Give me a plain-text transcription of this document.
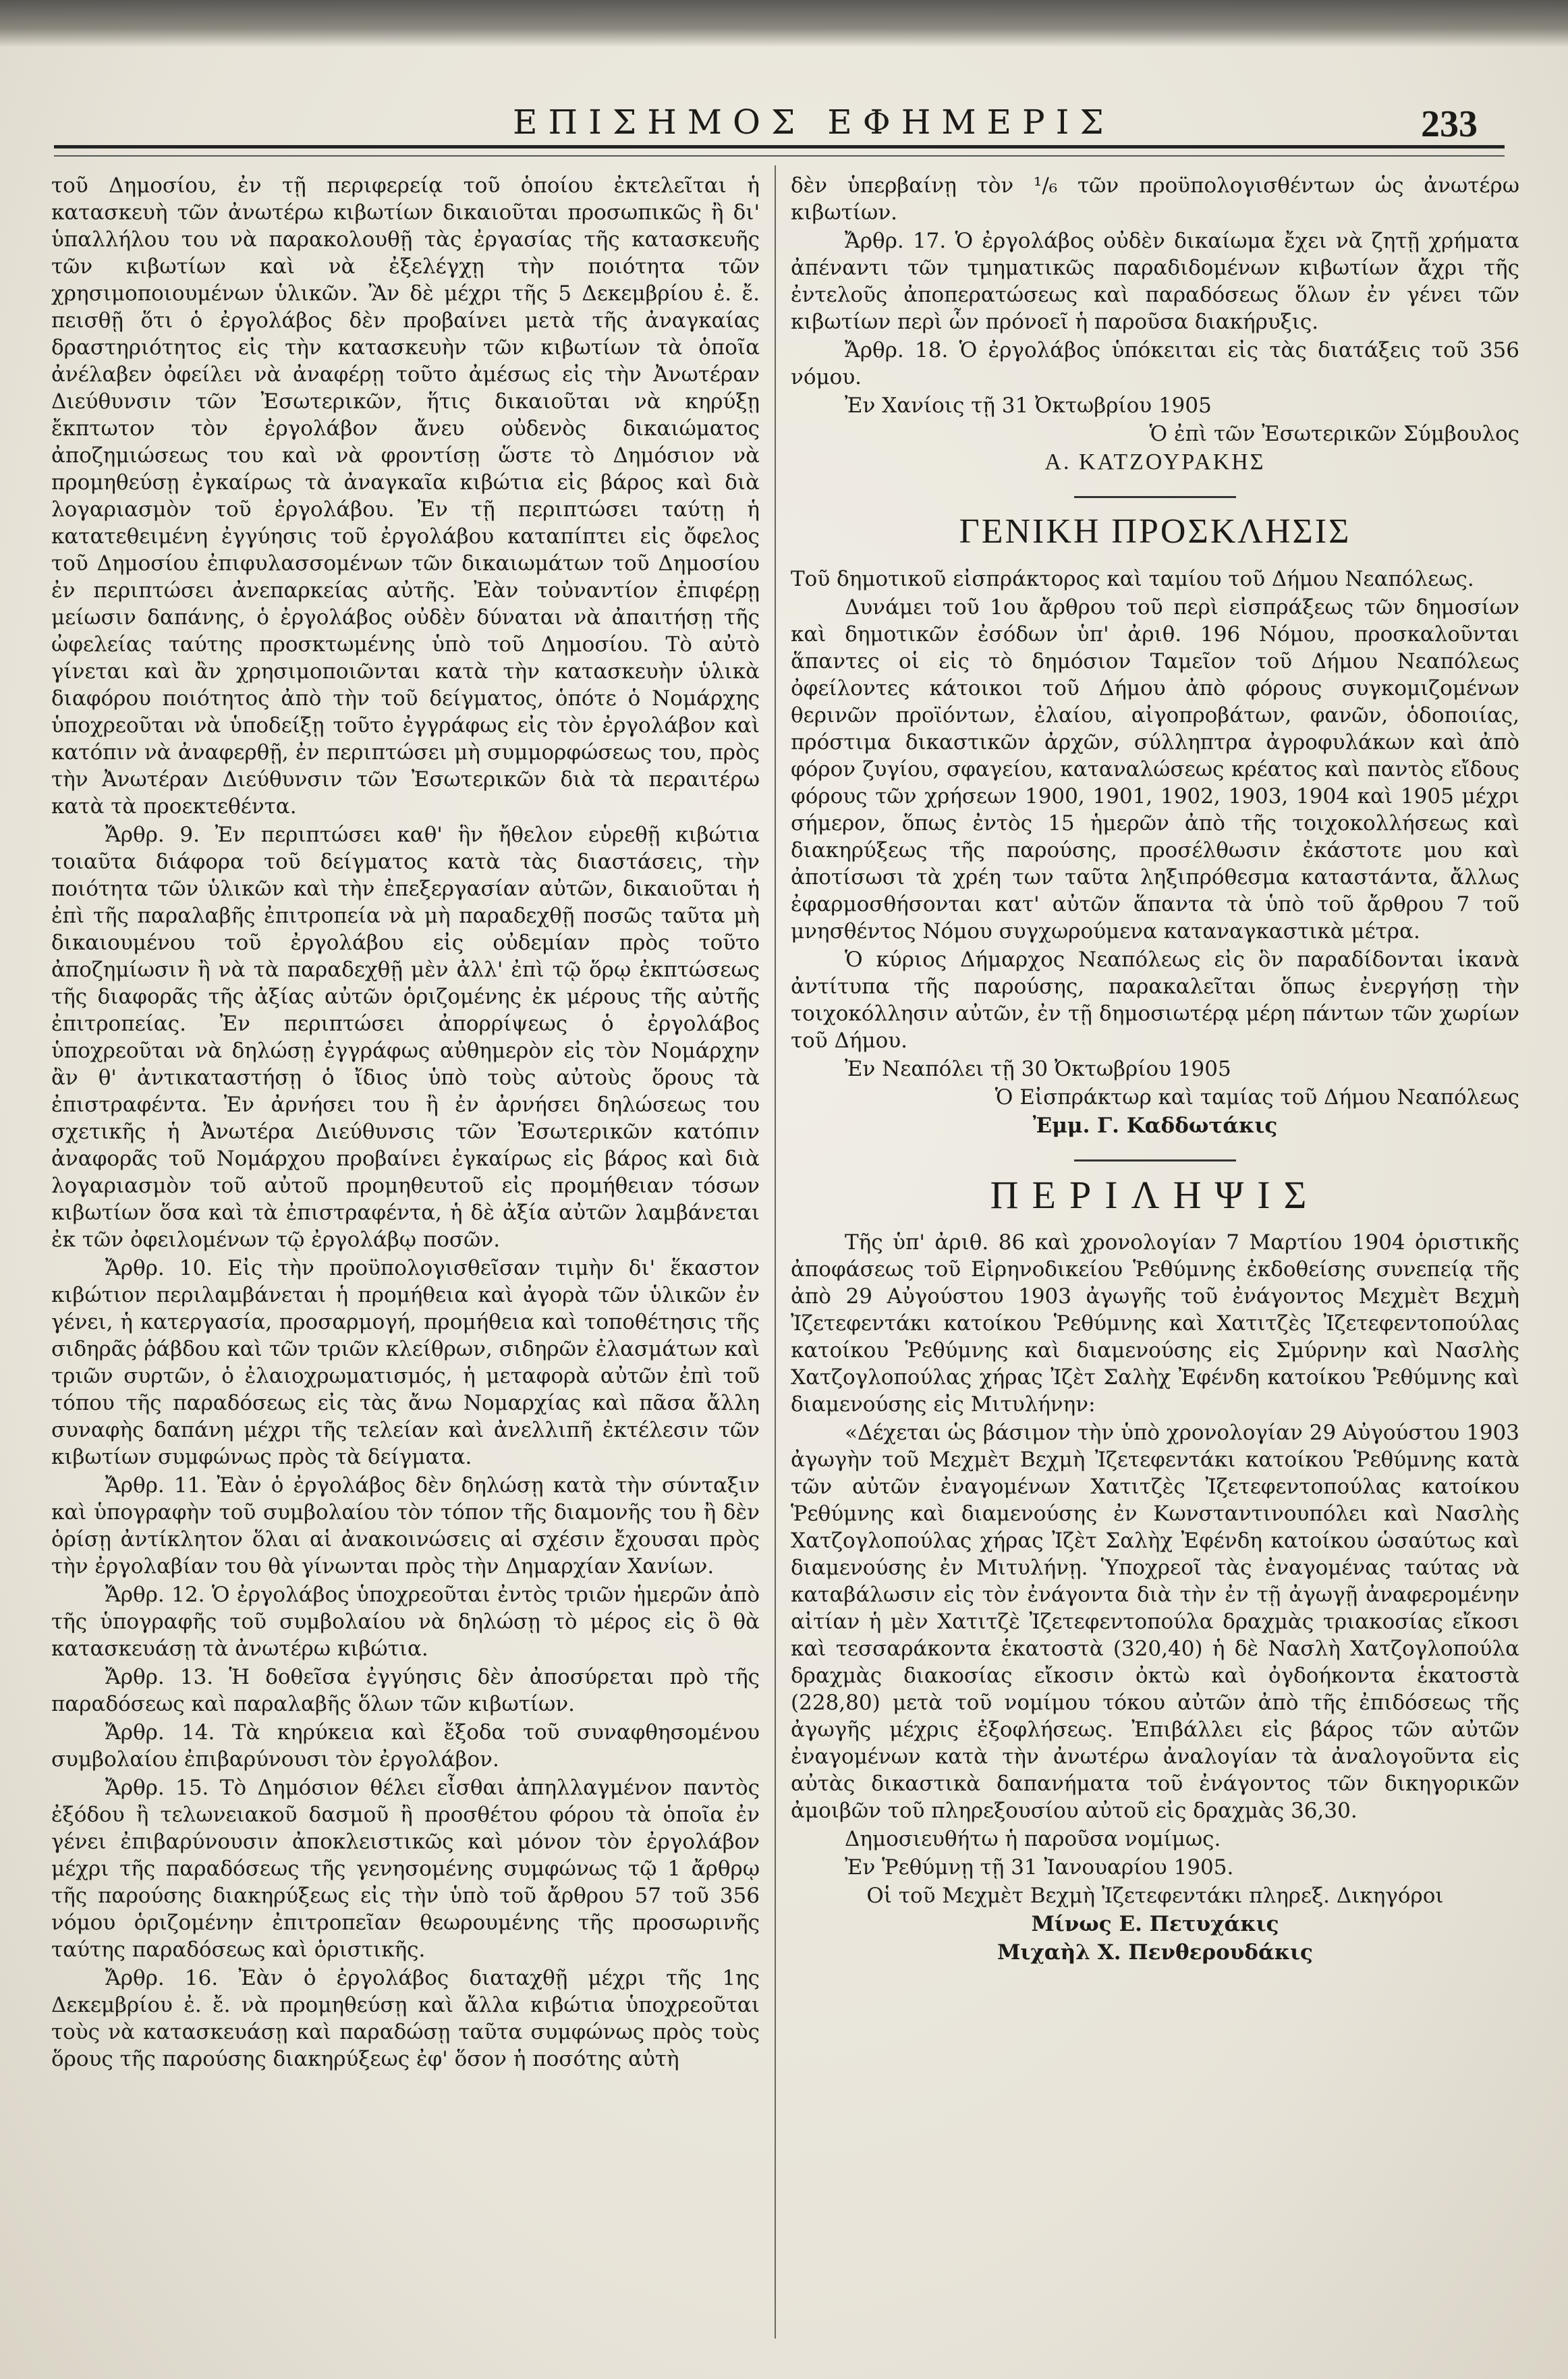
ΕΠΙΣΗΜΟΣ ΕΦΗΜΕΡΙΣ	233

τοῦ Δημοσίου, ἐν τῇ περιφερείᾳ τοῦ ὁποίου ἐκτελεῖται ἡ κατασκευὴ τῶν ἀνωτέρω κιβωτίων δικαιοῦται προσωπικῶς ἢ δι' ὑπαλλήλου του νὰ παρακολουθῇ τὰς ἐργασίας τῆς κατασκευῆς τῶν κιβωτίων καὶ νὰ ἐξελέγχῃ τὴν ποιότητα τῶν χρησιμοποιουμένων ὑλικῶν. Ἂν δὲ μέχρι τῆς 5 Δεκεμβρίου ἐ. ἔ. πεισθῇ ὅτι ὁ ἐργολάβος δὲν προβαίνει μετὰ τῆς ἀναγκαίας δραστηριότητος εἰς τὴν κατασκευὴν τῶν κιβωτίων τὰ ὁποῖα ἀνέλαβεν ὀφείλει νὰ ἀναφέρῃ τοῦτο ἀμέσως εἰς τὴν Ἀνωτέραν Διεύθυνσιν τῶν Ἐσωτερικῶν, ἥτις δικαιοῦται νὰ κηρύξῃ ἔκπτωτον τὸν ἐργολάβον ἄνευ οὐδενὸς δικαιώματος ἀποζημιώσεως του καὶ νὰ φροντίσῃ ὥστε τὸ Δημόσιον νὰ προμηθεύσῃ ἐγκαίρως τὰ ἀναγκαῖα κιβώτια εἰς βάρος καὶ διὰ λογαριασμὸν τοῦ ἐργολάβου. Ἐν τῇ περιπτώσει ταύτῃ ἡ κατατεθειμένη ἐγγύησις τοῦ ἐργολάβου καταπίπτει εἰς ὄφελος τοῦ Δημοσίου ἐπιφυλασσομένων τῶν δικαιωμάτων τοῦ Δημοσίου ἐν περιπτώσει ἀνεπαρκείας αὐτῆς. Ἐὰν τοὐναντίον ἐπιφέρῃ μείωσιν δαπάνης, ὁ ἐργολάβος οὐδὲν δύναται νὰ ἀπαιτήσῃ τῆς ὠφελείας ταύτης προσκτωμένης ὑπὸ τοῦ Δημοσίου. Τὸ αὐτὸ γίνεται καὶ ἂν χρησιμοποιῶνται κατὰ τὴν κατασκευὴν ὑλικὰ διαφόρου ποιότητος ἀπὸ τὴν τοῦ δείγματος, ὁπότε ὁ Νομάρχης ὑποχρεοῦται νὰ ὑποδείξῃ τοῦτο ἐγγράφως εἰς τὸν ἐργολάβον καὶ κατόπιν νὰ ἀναφερθῇ, ἐν περιπτώσει μὴ συμμορφώσεως του, πρὸς τὴν Ἀνωτέραν Διεύθυνσιν τῶν Ἐσωτερικῶν διὰ τὰ περαιτέρω κατὰ τὰ προεκτεθέντα.

Ἄρθρ. 9. Ἐν περιπτώσει καθ' ἣν ἤθελον εὑρεθῇ κιβώτια τοιαῦτα διάφορα τοῦ δείγματος κατὰ τὰς διαστάσεις, τὴν ποιότητα τῶν ὑλικῶν καὶ τὴν ἐπεξεργασίαν αὐτῶν, δικαιοῦται ἡ ἐπὶ τῆς παραλαβῆς ἐπιτροπεία νὰ μὴ παραδεχθῇ ποσῶς ταῦτα μὴ δικαιουμένου τοῦ ἐργολάβου εἰς οὐδεμίαν πρὸς τοῦτο ἀποζημίωσιν ἢ νὰ τὰ παραδεχθῇ μὲν ἀλλ' ἐπὶ τῷ ὅρῳ ἐκπτώσεως τῆς διαφορᾶς τῆς ἀξίας αὐτῶν ὁριζομένης ἐκ μέρους τῆς αὐτῆς ἐπιτροπείας. Ἐν περιπτώσει ἀπορρίψεως ὁ ἐργολάβος ὑποχρεοῦται νὰ δηλώσῃ ἐγγράφως αὐθημερὸν εἰς τὸν Νομάρχην ἂν θ' ἀντικαταστήσῃ ὁ ἴδιος ὑπὸ τοὺς αὐτοὺς ὅρους τὰ ἐπιστραφέντα. Ἐν ἀρνήσει του ἢ ἐν ἀρνήσει δηλώσεως του σχετικῆς ἡ Ἀνωτέρα Διεύθυνσις τῶν Ἐσωτερικῶν κατόπιν ἀναφορᾶς τοῦ Νομάρχου προβαίνει ἐγκαίρως εἰς βάρος καὶ διὰ λογαριασμὸν τοῦ αὐτοῦ προμηθευτοῦ εἰς προμήθειαν τόσων κιβωτίων ὅσα καὶ τὰ ἐπιστραφέντα, ἡ δὲ ἀξία αὐτῶν λαμβάνεται ἐκ τῶν ὀφειλομένων τῷ ἐργολάβῳ ποσῶν.

Ἄρθρ. 10. Εἰς τὴν προϋπολογισθεῖσαν τιμὴν δι' ἕκαστον κιβώτιον περιλαμβάνεται ἡ προμήθεια καὶ ἀγορὰ τῶν ὑλικῶν ἐν γένει, ἡ κατεργασία, προσαρμογή, προμήθεια καὶ τοποθέτησις τῆς σιδηρᾶς ῥάβδου καὶ τῶν τριῶν κλείθρων, σιδηρῶν ἐλασμάτων καὶ τριῶν συρτῶν, ὁ ἐλαιοχρωματισμός, ἡ μεταφορὰ αὐτῶν ἐπὶ τοῦ τόπου τῆς παραδόσεως εἰς τὰς ἄνω Νομαρχίας καὶ πᾶσα ἄλλη συναφὴς δαπάνη μέχρι τῆς τελείαν καὶ ἀνελλιπῆ ἐκτέλεσιν τῶν κιβωτίων συμφώνως πρὸς τὰ δείγματα.

Ἄρθρ. 11. Ἐὰν ὁ ἐργολάβος δὲν δηλώσῃ κατὰ τὴν σύνταξιν καὶ ὑπογραφὴν τοῦ συμβολαίου τὸν τόπον τῆς διαμονῆς του ἢ δὲν ὁρίσῃ ἀντίκλητον ὅλαι αἱ ἀνακοινώσεις αἱ σχέσιν ἔχουσαι πρὸς τὴν ἐργολαβίαν του θὰ γίνωνται πρὸς τὴν Δημαρχίαν Χανίων.

Ἄρθρ. 12. Ὁ ἐργολάβος ὑποχρεοῦται ἐντὸς τριῶν ἡμερῶν ἀπὸ τῆς ὑπογραφῆς τοῦ συμβολαίου νὰ δηλώσῃ τὸ μέρος εἰς ὃ θὰ κατασκευάσῃ τὰ ἀνωτέρω κιβώτια.

Ἄρθρ. 13. Ἡ δοθεῖσα ἐγγύησις δὲν ἀποσύρεται πρὸ τῆς παραδόσεως καὶ παραλαβῆς ὅλων τῶν κιβωτίων.

Ἄρθρ. 14. Τὰ κηρύκεια καὶ ἔξοδα τοῦ συναφθησομένου συμβολαίου ἐπιβαρύνουσι τὸν ἐργολάβον.

Ἄρθρ. 15. Τὸ Δημόσιον θέλει εἶσθαι ἀπηλλαγμένον παντὸς ἐξόδου ἢ τελωνειακοῦ δασμοῦ ἢ προσθέτου φόρου τὰ ὁποῖα ἐν γένει ἐπιβαρύνουσιν ἀποκλειστικῶς καὶ μόνον τὸν ἐργολάβον μέχρι τῆς παραδόσεως τῆς γενησομένης συμφώνως τῷ 1 ἄρθρῳ τῆς παρούσης διακηρύξεως εἰς τὴν ὑπὸ τοῦ ἄρθρου 57 τοῦ 356 νόμου ὁριζομένην ἐπιτροπεῖαν θεωρουμένης τῆς προσωρινῆς ταύτης παραδόσεως καὶ ὁριστικῆς.

Ἄρθρ. 16. Ἐὰν ὁ ἐργολάβος διαταχθῇ μέχρι τῆς 1ης Δεκεμβρίου ἐ. ἔ. νὰ προμηθεύσῃ καὶ ἄλλα κιβώτια ὑποχρεοῦται τοὺς νὰ κατασκευάσῃ καὶ παραδώσῃ ταῦτα συμφώνως πρὸς τοὺς ὅρους τῆς παρούσης διακηρύξεως ἐφ' ὅσον ἡ ποσότης αὐτὴ

δὲν ὑπερβαίνῃ τὸν ¹/₆ τῶν προϋπολογισθέντων ὡς ἀνωτέρω κιβωτίων.

Ἄρθρ. 17. Ὁ ἐργολάβος οὐδὲν δικαίωμα ἔχει νὰ ζητῇ χρήματα ἀπέναντι τῶν τμηματικῶς παραδιδομένων κιβωτίων ἄχρι τῆς ἐντελοῦς ἀποπερατώσεως καὶ παραδόσεως ὅλων ἐν γένει τῶν κιβωτίων περὶ ὧν πρόνοεῖ ἡ παροῦσα διακήρυξις.

Ἄρθρ. 18. Ὁ ἐργολάβος ὑπόκειται εἰς τὰς διατάξεις τοῦ 356 νόμου.

Ἐν Χανίοις τῇ 31 Ὀκτωβρίου 1905

Ὁ ἐπὶ τῶν Ἐσωτερικῶν Σύμβουλος

Α. ΚΑΤΖΟΥΡΑΚΗΣ

ΓΕΝΙΚΗ ΠΡΟΣΚΛΗΣΙΣ

Τοῦ δημοτικοῦ εἰσπράκτορος καὶ ταμίου τοῦ Δήμου Νεαπόλεως.

Δυνάμει τοῦ 1ου ἄρθρου τοῦ περὶ εἰσπράξεως τῶν δημοσίων καὶ δημοτικῶν ἐσόδων ὑπ' ἀριθ. 196 Νόμου, προσκαλοῦνται ἅπαντες οἱ εἰς τὸ δημόσιον Ταμεῖον τοῦ Δήμου Νεαπόλεως ὀφείλοντες κάτοικοι τοῦ Δήμου ἀπὸ φόρους συγκομιζομένων θερινῶν προϊόντων, ἐλαίου, αἰγοπροβάτων, φανῶν, ὁδοποιίας, πρόστιμα δικαστικῶν ἀρχῶν, σύλληπτρα ἀγροφυλάκων καὶ ἀπὸ φόρον ζυγίου, σφαγείου, καταναλώσεως κρέατος καὶ παντὸς εἴδους φόρους τῶν χρήσεων 1900, 1901, 1902, 1903, 1904 καὶ 1905 μέχρι σήμερον, ὅπως ἐντὸς 15 ἡμερῶν ἀπὸ τῆς τοιχοκολλήσεως καὶ διακηρύξεως τῆς παρούσης, προσέλθωσιν ἐκάστοτε μου καὶ ἀποτίσωσι τὰ χρέη των ταῦτα ληξιπρόθεσμα καταστάντα, ἄλλως ἐφαρμοσθήσονται κατ' αὐτῶν ἅπαντα τὰ ὑπὸ τοῦ ἄρθρου 7 τοῦ μνησθέντος Νόμου συγχωρούμενα καταναγκαστικὰ μέτρα.

Ὁ κύριος Δήμαρχος Νεαπόλεως εἰς ὃν παραδίδονται ἱκανὰ ἀντίτυπα τῆς παρούσης, παρακαλεῖται ὅπως ἐνεργήσῃ τὴν τοιχοκόλλησιν αὐτῶν, ἐν τῇ δημοσιωτέρᾳ μέρη πάντων τῶν χωρίων τοῦ Δήμου.

Ἐν Νεαπόλει τῇ 30 Ὀκτωβρίου 1905

Ὁ Εἰσπράκτωρ καὶ ταμίας τοῦ Δήμου Νεαπόλεως

Ἐμμ. Γ. Καδδωτάκις

ΠΕΡΙΛΗΨΙΣ

Τῆς ὑπ' ἀριθ. 86 καὶ χρονολογίαν 7 Μαρτίου 1904 ὁριστικῆς ἀποφάσεως τοῦ Εἰρηνοδικείου Ῥεθύμνης ἐκδοθείσης συνεπείᾳ τῆς ἀπὸ 29 Αὐγούστου 1903 ἀγωγῆς τοῦ ἐνάγοντος Μεχμὲτ Βεχμὴ Ἰζετεφεντάκι κατοίκου Ῥεθύμνης καὶ Χατιτζὲς Ἰζετεφεντοπούλας κατοίκου Ῥεθύμνης καὶ διαμενούσης εἰς Σμύρνην καὶ Νασλὴς Χατζογλοπούλας χήρας Ἰζὲτ Σαλὴχ Ἐφένδη κατοίκου Ῥεθύμνης καὶ διαμενούσης εἰς Μιτυλήνην:

«Δέχεται ὡς βάσιμον τὴν ὑπὸ χρονολογίαν 29 Αὐγούστου 1903 ἀγωγὴν τοῦ Μεχμὲτ Βεχμὴ Ἰζετεφεντάκι κατοίκου Ῥεθύμνης κατὰ τῶν αὐτῶν ἐναγομένων Χατιτζὲς Ἰζετεφεντοπούλας κατοίκου Ῥεθύμνης καὶ διαμενούσης ἐν Κωνσταντινουπόλει καὶ Νασλὴς Χατζογλοπούλας χήρας Ἰζὲτ Σαλὴχ Ἐφένδη κατοίκου ὡσαύτως καὶ διαμενούσης ἐν Μιτυλήνῃ. Ὑποχρεοῖ τὰς ἐναγομένας ταύτας νὰ καταβάλωσιν εἰς τὸν ἐνάγοντα διὰ τὴν ἐν τῇ ἀγωγῇ ἀναφερομένην αἰτίαν ἡ μὲν Χατιτζὲ Ἰζετεφεντοπούλα δραχμὰς τριακοσίας εἴκοσι καὶ τεσσαράκοντα ἑκατοστὰ (320,40) ἡ δὲ Νασλὴ Χατζογλοπούλα δραχμὰς διακοσίας εἴκοσιν ὀκτὼ καὶ ὀγδοήκοντα ἑκατοστὰ (228,80) μετὰ τοῦ νομίμου τόκου αὐτῶν ἀπὸ τῆς ἐπιδόσεως τῆς ἀγωγῆς μέχρις ἐξοφλήσεως. Ἐπιβάλλει εἰς βάρος τῶν αὐτῶν ἐναγομένων κατὰ τὴν ἀνωτέρω ἀναλογίαν τὰ ἀναλογοῦντα εἰς αὐτὰς δικαστικὰ δαπανήματα τοῦ ἐνάγοντος τῶν δικηγορικῶν ἀμοιβῶν τοῦ πληρεξουσίου αὐτοῦ εἰς δραχμὰς 36,30.

Δημοσιευθήτω ἡ παροῦσα νομίμως.

Ἐν Ῥεθύμνῃ τῇ 31 Ἰανουαρίου 1905.

Οἱ τοῦ Μεχμὲτ Βεχμὴ Ἰζετεφεντάκι πληρεξ. Δικηγόροι

Μίνως Ε. Πετυχάκις

Μιχαὴλ Χ. Πενθερουδάκις
